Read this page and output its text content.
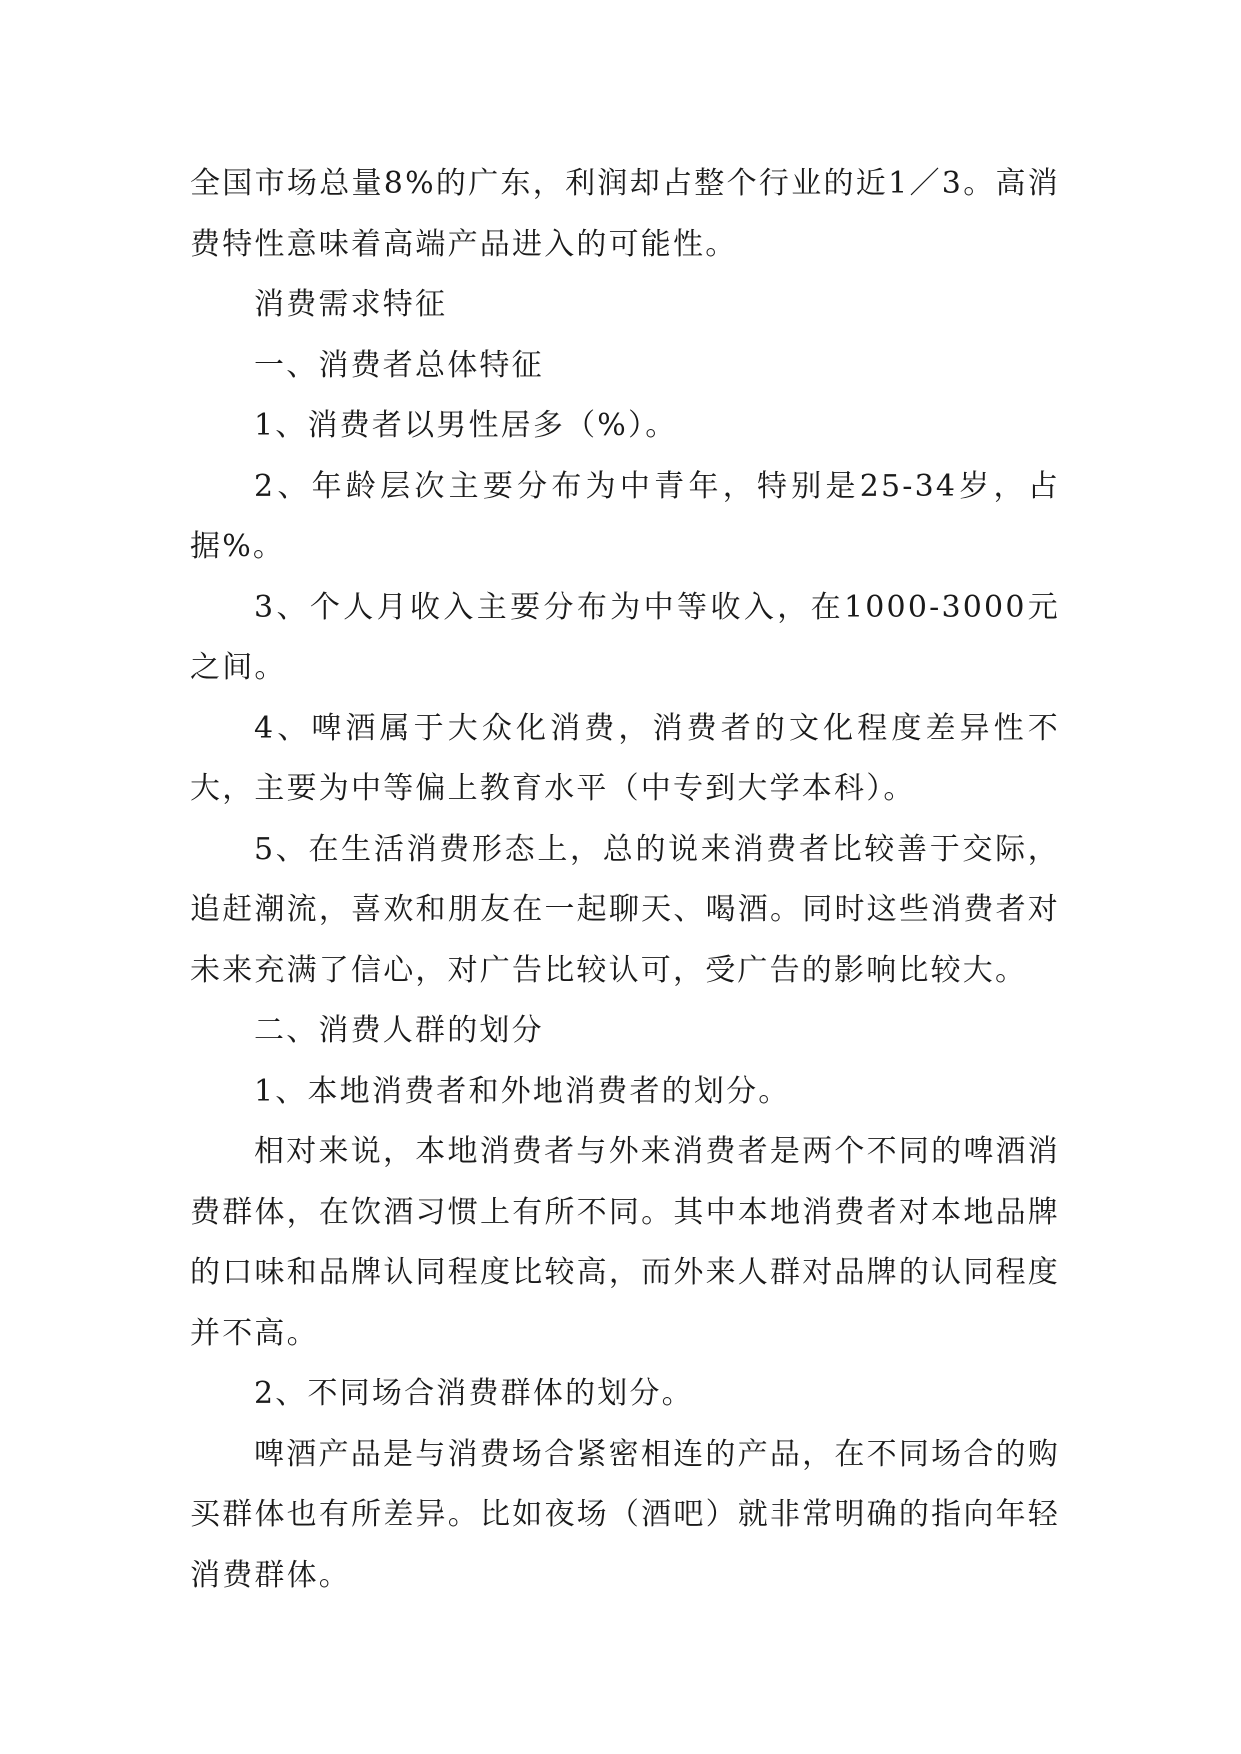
全国市场总量8%的广东，利润却占整个行业的近1／3。高消费特性意味着高端产品进入的可能性。

消费需求特征

一、消费者总体特征

1、消费者以男性居多（%）。

2、年龄层次主要分布为中青年，特别是25-34岁，占据%。

3、个人月收入主要分布为中等收入，在1000-3000元之间。

4、啤酒属于大众化消费，消费者的文化程度差异性不大，主要为中等偏上教育水平（中专到大学本科）。

5、在生活消费形态上，总的说来消费者比较善于交际，追赶潮流，喜欢和朋友在一起聊天、喝酒。同时这些消费者对未来充满了信心，对广告比较认可，受广告的影响比较大。

二、消费人群的划分

1、本地消费者和外地消费者的划分。

相对来说，本地消费者与外来消费者是两个不同的啤酒消费群体，在饮酒习惯上有所不同。其中本地消费者对本地品牌的口味和品牌认同程度比较高，而外来人群对品牌的认同程度并不高。

2、不同场合消费群体的划分。

啤酒产品是与消费场合紧密相连的产品，在不同场合的购买群体也有所差异。比如夜场（酒吧）就非常明确的指向年轻消费群体。
